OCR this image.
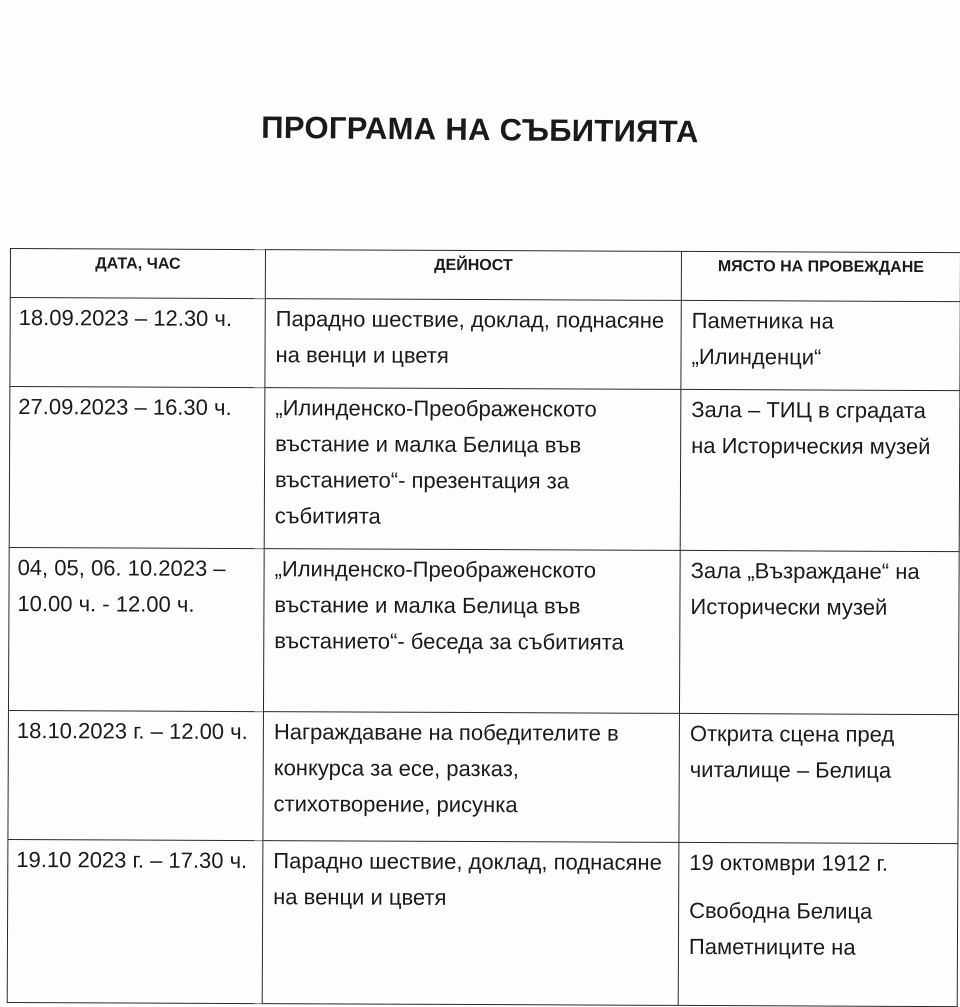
ПРОГРАМА НА СЪБИТИЯТА
ДАТА, ЧАС	ДЕЙНОСТ	МЯСТО НА ПРОВЕЖДАНЕ
18.09.2023 – 12.30 ч.	Парадно шествие, доклад, поднасяне на венци и цветя	Паметника на „Илинденци“
27.09.2023 – 16.30 ч.	„Илинденско-Преображенското въстание и малка Белица във въстанието“- презентация за събитията	Зала – ТИЦ в сградата на Историческия музей
04, 05, 06. 10.2023 – 10.00 ч. - 12.00 ч.	„Илинденско-Преображенското въстание и малка Белица във въстанието“- беседа за събитията	Зала „Възраждане“ на Исторически музей
18.10.2023 г. – 12.00 ч.	Награждаване на победителите в конкурса за есе, разказ, стихотворение, рисунка	Открита сцена пред читалище – Белица
19.10 2023 г. – 17.30 ч.	Парадно шествие, доклад, поднасяне на венци и цветя	19 октомври 1912 г.
Свободна Белица
Паметниците на
